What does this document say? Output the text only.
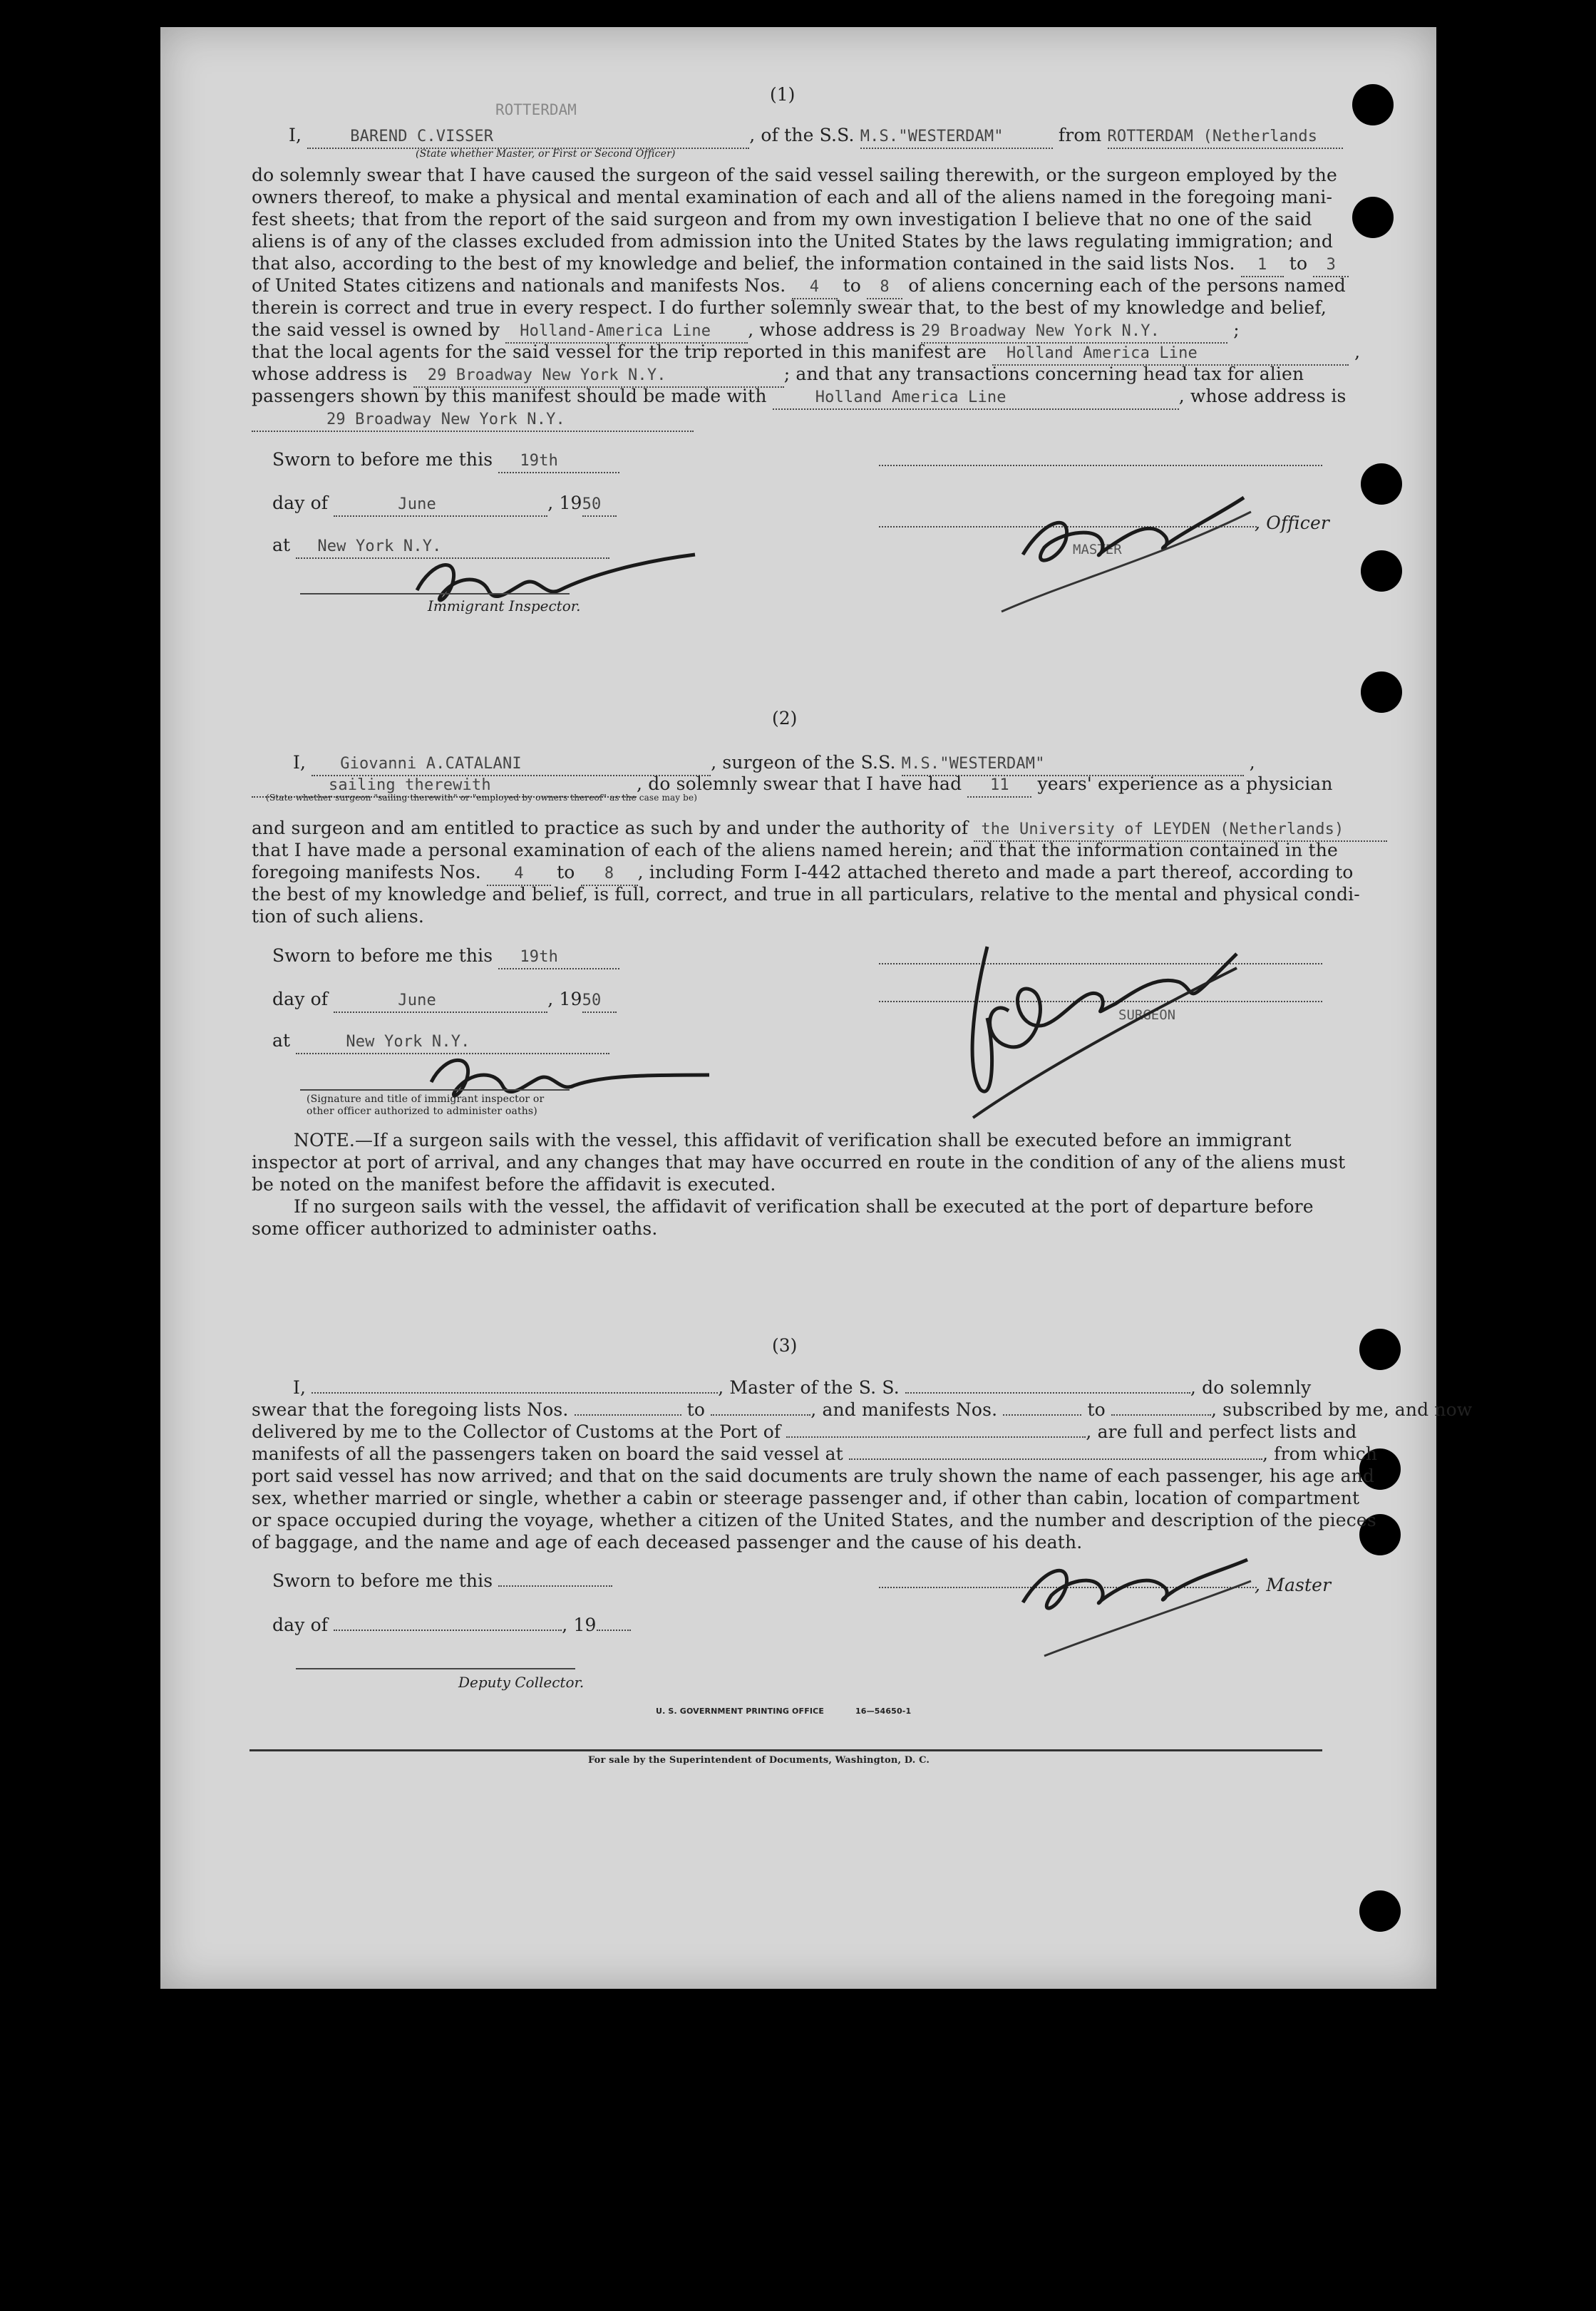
(1)
ROTTERDAM
I,	BAREND C.VISSER	, of the S.S. M.S."WESTERDAM"	from ROTTERDAM (Netherlands
(State whether Master, or First or Second Officer)
do solemnly swear that I have caused the surgeon of the said vessel sailing therewith, or the surgeon employed by the
owners thereof, to make a physical and mental examination of each and all of the aliens named in the foregoing mani-
fest sheets; that from the report of the said surgeon and from my own investigation I believe that no one of the said
aliens is of any of the classes excluded from admission into the United States by the laws regulating immigration; and
that also, according to the best of my knowledge and belief, the information contained in the said lists Nos. 1 to 3
of United States citizens and nationals and manifests Nos. 4 to 8 of aliens concerning each of the persons named
therein is correct and true in every respect. I do further solemnly swear that, to the best of my knowledge and belief,
the said vessel is owned by Holland-America Line , whose address is 29 Broadway New York N.Y.	;
that the local agents for the said vessel for the trip reported in this manifest are Holland America Line	,
whose address is 29 Broadway New York N.Y.	; and that any transactions concerning head tax for alien
passengers shown by this manifest should be made with	Holland America Line	, whose address is
29 Broadway New York N.Y.
Sworn to before me this 19th
day of	June	, 1950
, Officer
MASTER
at New York N.Y.
Immigrant Inspector.
(2)
I, Giovanni A.CATALANI	, surgeon of the S.S. M.S."WESTERDAM"	,
sailing therewith	, do solemnly swear that I have had 11 years' experience as a physician
(State whether surgeon "sailing therewith" or "employed by owners thereof" as the case may be)
and surgeon and am entitled to practice as such by and under the authority of the University of LEYDEN (Netherlands)
that I have made a personal examination of each of the aliens named herein; and that the information contained in the
foregoing manifests Nos. 4 to 8 , including Form I-442 attached thereto and made a part thereof, according to
the best of my knowledge and belief, is full, correct, and true in all particulars, relative to the mental and physical condi-
tion of such aliens.
Sworn to before me this 19th
day of	June	, 1950
SURGEON
at	New York N.Y.
(Signature and title of immigrant inspector or
other officer authorized to administer oaths)
NOTE.—If a surgeon sails with the vessel, this affidavit of verification shall be executed before an immigrant
inspector at port of arrival, and any changes that may have occurred en route in the condition of any of the aliens must
be noted on the manifest before the affidavit is executed.
If no surgeon sails with the vessel, the affidavit of verification shall be executed at the port of departure before
some officer authorized to administer oaths.
(3)
I,	, Master of the S. S.	, do solemnly
swear that the foregoing lists Nos.	to	, and manifests Nos.	to	, subscribed by me, and now
delivered by me to the Collector of Customs at the Port of	, are full and perfect lists and
manifests of all the passengers taken on board the said vessel at	, from which
port said vessel has now arrived; and that on the said documents are truly shown the name of each passenger, his age and
sex, whether married or single, whether a cabin or steerage passenger and, if other than cabin, location of compartment
or space occupied during the voyage, whether a citizen of the United States, and the number and description of the pieces
of baggage, and the name and age of each deceased passenger and the cause of his death.
Sworn to before me this	, Master
day of	, 19
Deputy Collector.
U. S. GOVERNMENT PRINTING OFFICE	16—54650-1
For sale by the Superintendent of Documents, Washington, D. C.
